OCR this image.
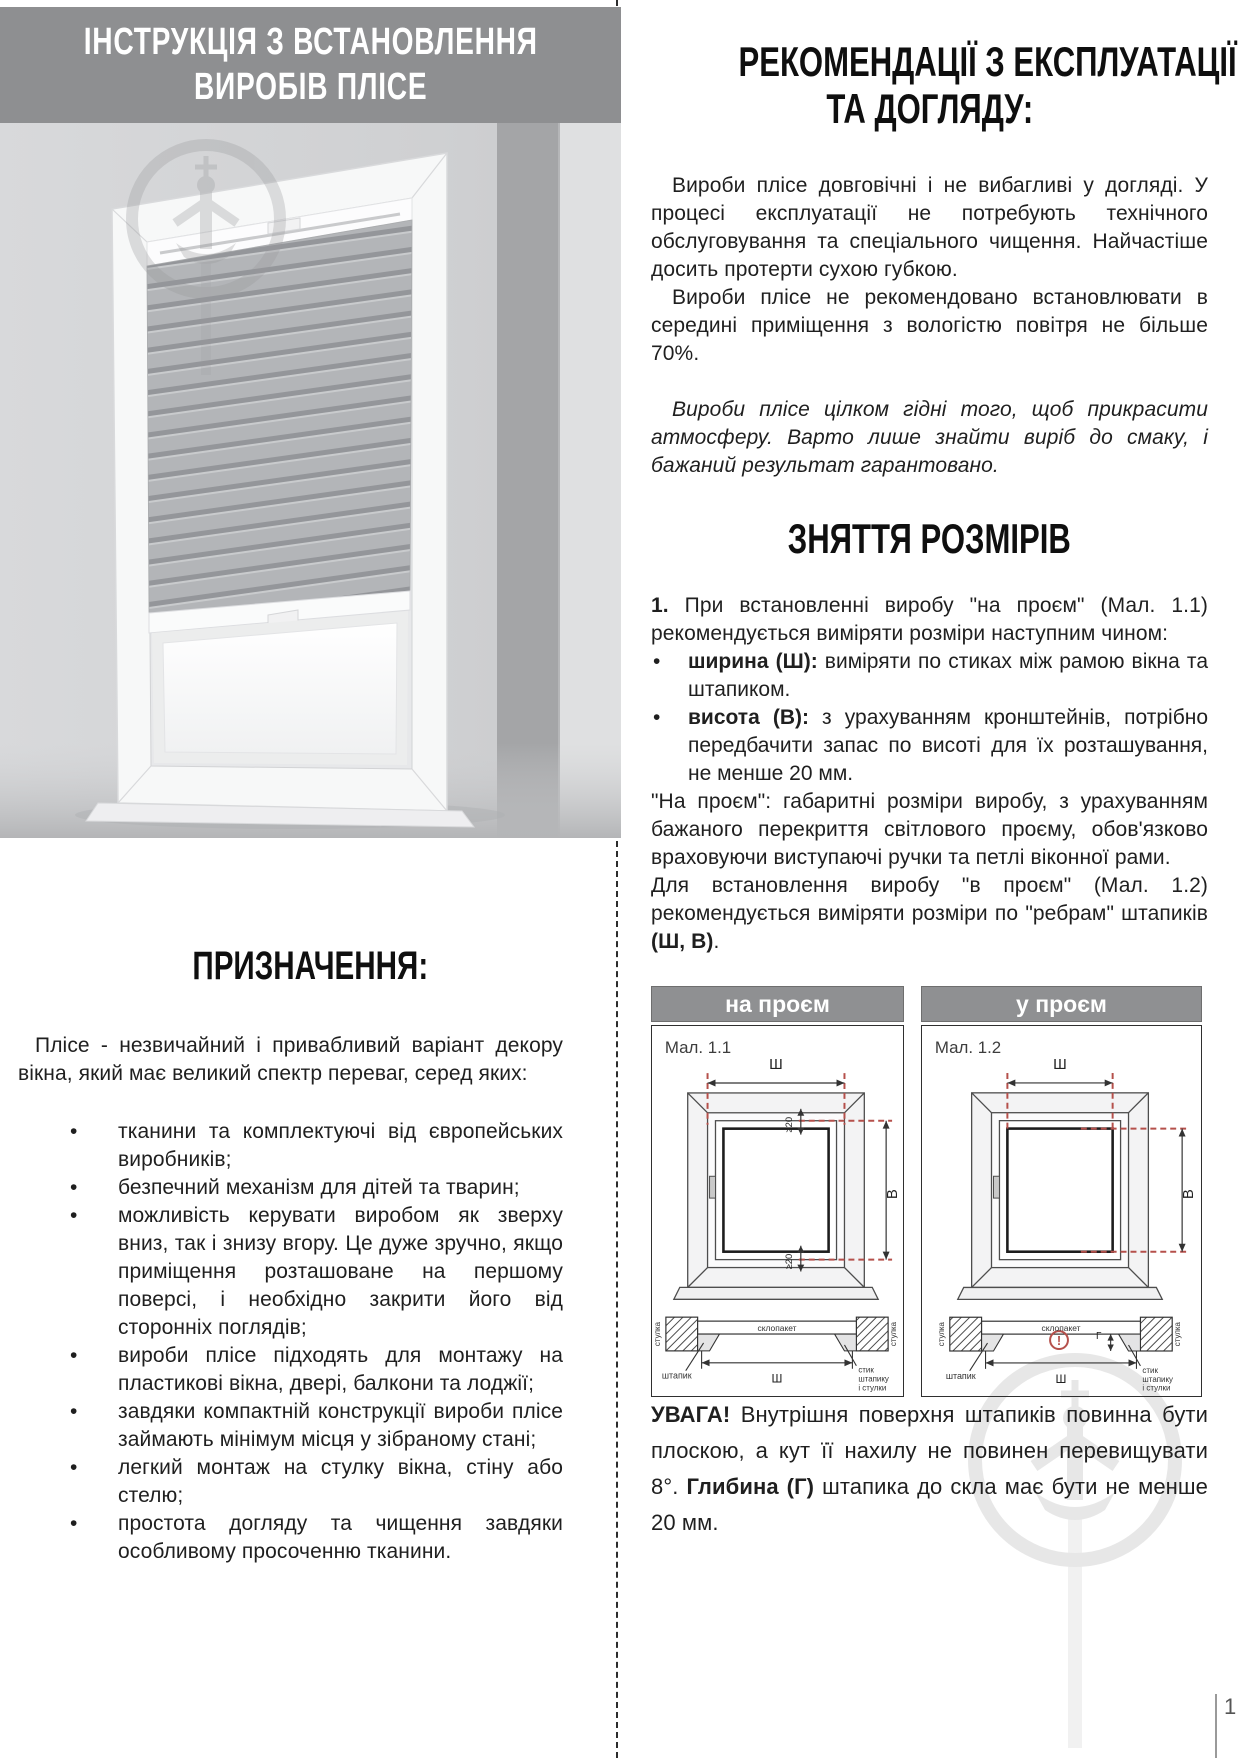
ІНСТРУКЦІЯ З ВСТАНОВЛЕННЯ
ВИРОБІВ ПЛІСЕ
ПРИЗНАЧЕННЯ:

Плісе - незвичайний і привабливий варіант декору вікна, який має великий спектр переваг, серед яких:

• тканини та комплектуючі від європейських виробників;
• безпечний механізм для дітей та тварин;
• можливість керувати виробом як зверху вниз, так і знизу вгору. Це дуже зручно, якщо приміщення розташоване на першому поверсі, і необхідно закрити його від сторонніх поглядів;
• вироби плісе підходять для монтажу на пластикові вікна, двері, балкони та лоджії;
• завдяки компактній конструкції вироби плісе займають мінімум місця у зібраному стані;
• легкий монтаж на стулку вікна, стіну або стелю;
• простота догляду та чищення завдяки особливому просоченню тканини.
РЕКОМЕНДАЦІЇ З ЕКСПЛУАТАЦІЇ
ТА ДОГЛЯДУ:

Вироби плісе довговічні і не вибагливі у догляді. У процесі експлуатації не потребують технічного обслуговування та спеціального чищення. Найчастіше досить протерти сухою губкою.

Вироби плісе не рекомендовано встановлювати в середині приміщення з вологістю повітря не більше 70%.

Вироби плісе цілком гідні того, щоб прикрасити атмосферу. Варто лише знайти виріб до смаку, і бажаний результат гарантовано.

ЗНЯТТЯ РОЗМІРІВ

1. При встановленні виробу "на проєм" (Мал. 1.1) рекомендується виміряти розміри наступним чином:

• ширина (Ш): виміряти по стиках між рамою вікна та штапиком.
• висота (В): з урахуванням кронштейнів, потрібно передбачити запас по висоті для їх розташування, не менше 20 мм.

"На проєм": габаритні розміри виробу, з урахуванням бажаного перекриття світлового проєму, обов'язково враховуючи виступаючі ручки та петлі віконної рами.

Для встановлення виробу "в проєм" (Мал. 1.2) рекомендується виміряти розміри по "ребрам" штапиків (Ш, В).

на проєм
Мал. 1.1
Ш
В
≥20
≥20
склопакет
Ш
стулка	стулка
штапик
стик
штапику
і стулки
у проєм
Мал. 1.2
Ш
В
!	Г
склопакет
Ш
стулка	стулка
штапик
стик
штапику
і стулки

УВАГА! Внутрішня поверхня штапиків повинна бути плоскою, а кут її нахилу не повинен перевищувати 8°. Глибина (Г) штапика до скла має бути не менше 20 мм.

1
